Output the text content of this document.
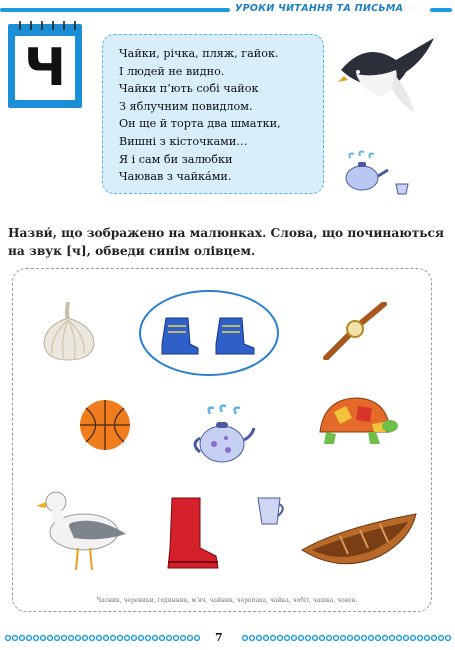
УРОКИ ЧИТАННЯ ТА ПИСЬМА
Ч	Чайки, річка, пляж, гайок.
І людей не видно.
Чайки п’ють собі чайок
З яблучним повидлом.
Он ще й торта два шматки,
Вишні з кісточками…
Я і сам би залюбки
Чаював з чайка́ми.
Назви́, що зображено на малюнках. Слова, що починаються на звук [ч], обведи синім олівцем.
Часник, черевики, годинник, м’яч, чайник, черепаха, чайка, чобіт, чашка, човен.
7
